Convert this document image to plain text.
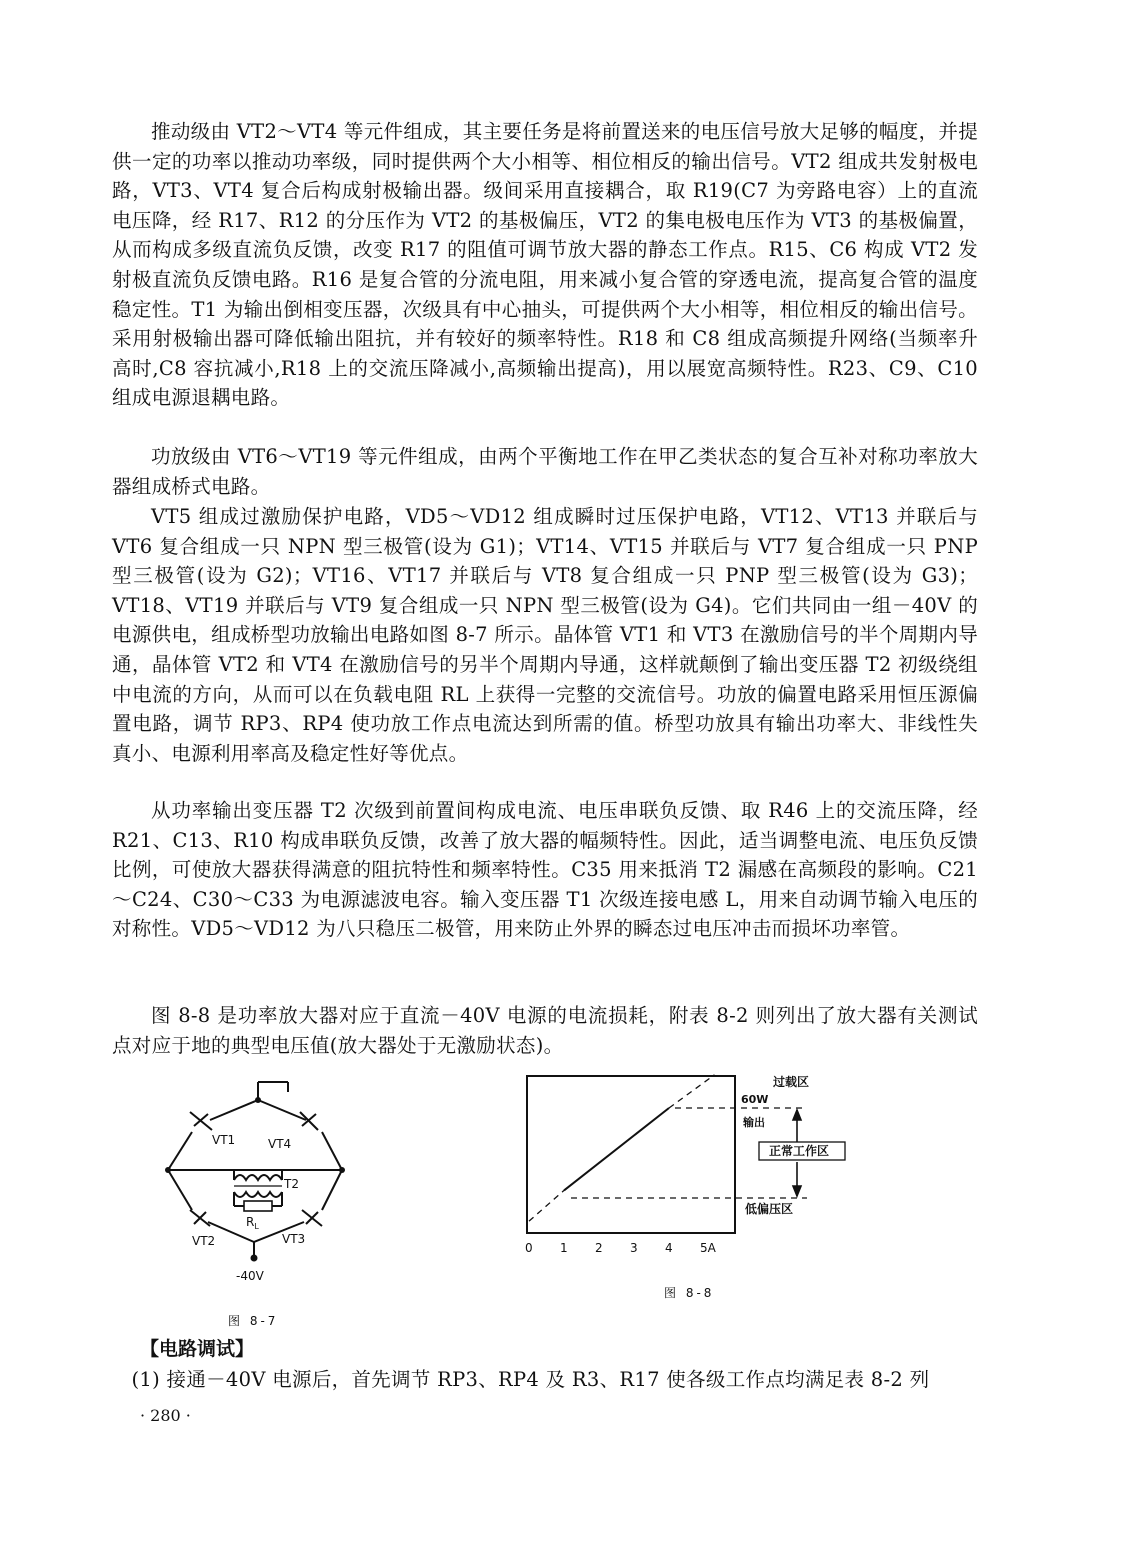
推动级由 VT2～VT4 等元件组成，其主要任务是将前置送来的电压信号放大足够的幅度，并提供一定的功率以推动功率级，同时提供两个大小相等、相位相反的输出信号。VT2 组成共发射极电路，VT3、VT4 复合后构成射极输出器。级间采用直接耦合，取 R19(C7 为旁路电容）上的直流电压降，经 R17、R12 的分压作为 VT2 的基极偏压，VT2 的集电极电压作为 VT3 的基极偏置，从而构成多级直流负反馈，改变 R17 的阻值可调节放大器的静态工作点。R15、C6 构成 VT2 发射极直流负反馈电路。R16 是复合管的分流电阻，用来减小复合管的穿透电流，提高复合管的温度稳定性。T1 为输出倒相变压器，次级具有中心抽头，可提供两个大小相等，相位相反的输出信号。采用射极输出器可降低输出阻抗，并有较好的频率特性。R18 和 C8 组成高频提升网络(当频率升高时,C8 容抗减小,R18 上的交流压降减小,高频输出提高)，用以展宽高频特性。R23、C9、C10 组成电源退耦电路。

功放级由 VT6～VT19 等元件组成，由两个平衡地工作在甲乙类状态的复合互补对称功率放大器组成桥式电路。

VT5 组成过激励保护电路，VD5～VD12 组成瞬时过压保护电路，VT12、VT13 并联后与 VT6 复合组成一只 NPN 型三极管(设为 G1)；VT14、VT15 并联后与 VT7 复合组成一只 PNP 型三极管(设为 G2)；VT16、VT17 并联后与 VT8 复合组成一只 PNP 型三极管(设为 G3)；VT18、VT19 并联后与 VT9 复合组成一只 NPN 型三极管(设为 G4)。它们共同由一组－40V 的电源供电，组成桥型功放输出电路如图 8-7 所示。晶体管 VT1 和 VT3 在激励信号的半个周期内导通，晶体管 VT2 和 VT4 在激励信号的另半个周期内导通，这样就颠倒了输出变压器 T2 初级绕组中电流的方向，从而可以在负载电阻 RL 上获得一完整的交流信号。功放的偏置电路采用恒压源偏置电路，调节 RP3、RP4 使功放工作点电流达到所需的值。桥型功放具有输出功率大、非线性失真小、电源利用率高及稳定性好等优点。

从功率输出变压器 T2 次级到前置间构成电流、电压串联负反馈、取 R46 上的交流压降，经 R21、C13、R10 构成串联负反馈，改善了放大器的幅频特性。因此，适当调整电流、电压负反馈比例，可使放大器获得满意的阻抗特性和频率特性。C35 用来抵消 T2 漏感在高频段的影响。C21～C24、C30～C33 为电源滤波电容。输入变压器 T1 次级连接电感 L，用来自动调节输入电压的对称性。VD5～VD12 为八只稳压二极管，用来防止外界的瞬态过电压冲击而损坏功率管。

图 8-8 是功率放大器对应于直流－40V 电源的电流损耗，附表 8-2 则列出了放大器有关测试点对应于地的典型电压值(放大器处于无激励状态)。

VT1	VT4
T2
$R_L$
VT2	VT3
-40V
图 8-7
过载区
60W
输出
正常工作区
低偏压区
0 1 2 3 4 5A
图 8-8
【电路调试】

(1) 接通－40V 电源后，首先调节 RP3、RP4 及 R3、R17 使各级工作点均满足表 8-2 列

· 280 ·
